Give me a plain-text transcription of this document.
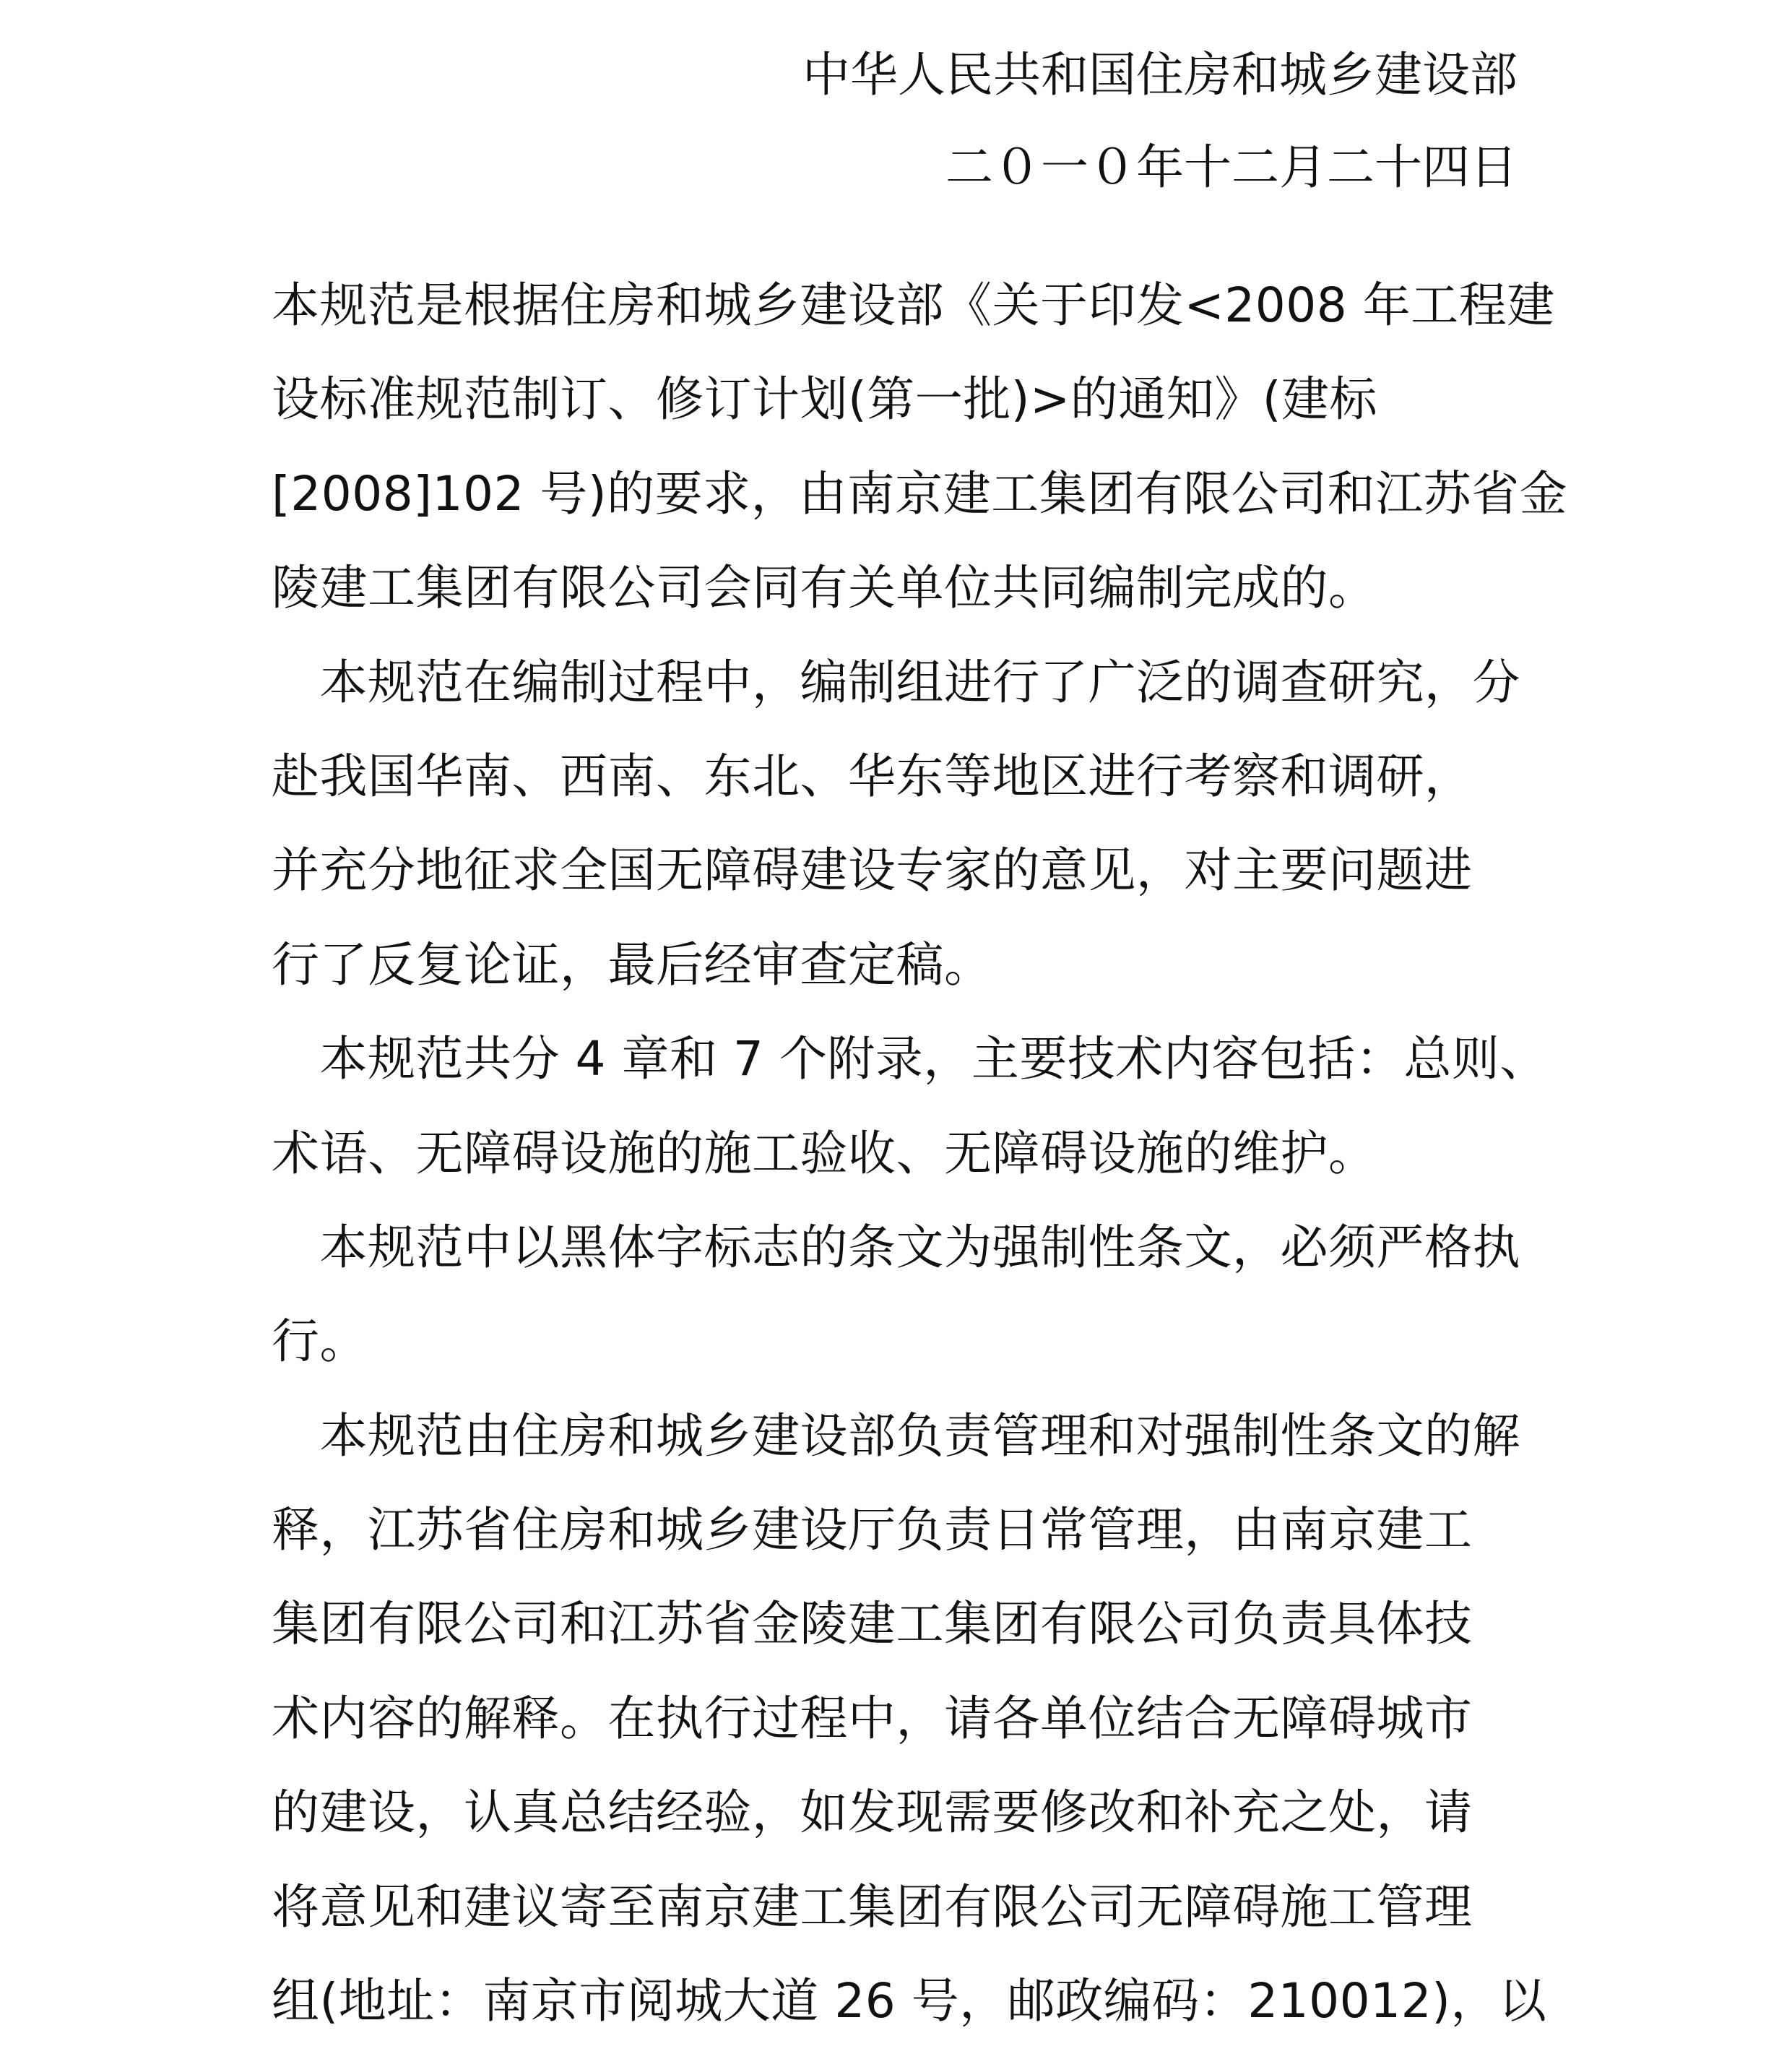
中华人民共和国住房和城乡建设部
二０一０年十二月二十四日
本规范是根据住房和城乡建设部《关于印发<2008 年工程建
设标准规范制订、修订计划(第一批)>的通知》(建标
[2008]102 号)的要求，由南京建工集团有限公司和江苏省金
陵建工集团有限公司会同有关单位共同编制完成的。
　本规范在编制过程中，编制组进行了广泛的调查研究，分
赴我国华南、西南、东北、华东等地区进行考察和调研，
并充分地征求全国无障碍建设专家的意见，对主要问题进
行了反复论证，最后经审查定稿。
　本规范共分 4 章和 7 个附录，主要技术内容包括：总则、
术语、无障碍设施的施工验收、无障碍设施的维护。
　本规范中以黑体字标志的条文为强制性条文，必须严格执
行。
　本规范由住房和城乡建设部负责管理和对强制性条文的解
释，江苏省住房和城乡建设厅负责日常管理，由南京建工
集团有限公司和江苏省金陵建工集团有限公司负责具体技
术内容的解释。在执行过程中，请各单位结合无障碍城市
的建设，认真总结经验，如发现需要修改和补充之处，请
将意见和建议寄至南京建工集团有限公司无障碍施工管理
组(地址：南京市阅城大道 26 号，邮政编码：210012)，以
